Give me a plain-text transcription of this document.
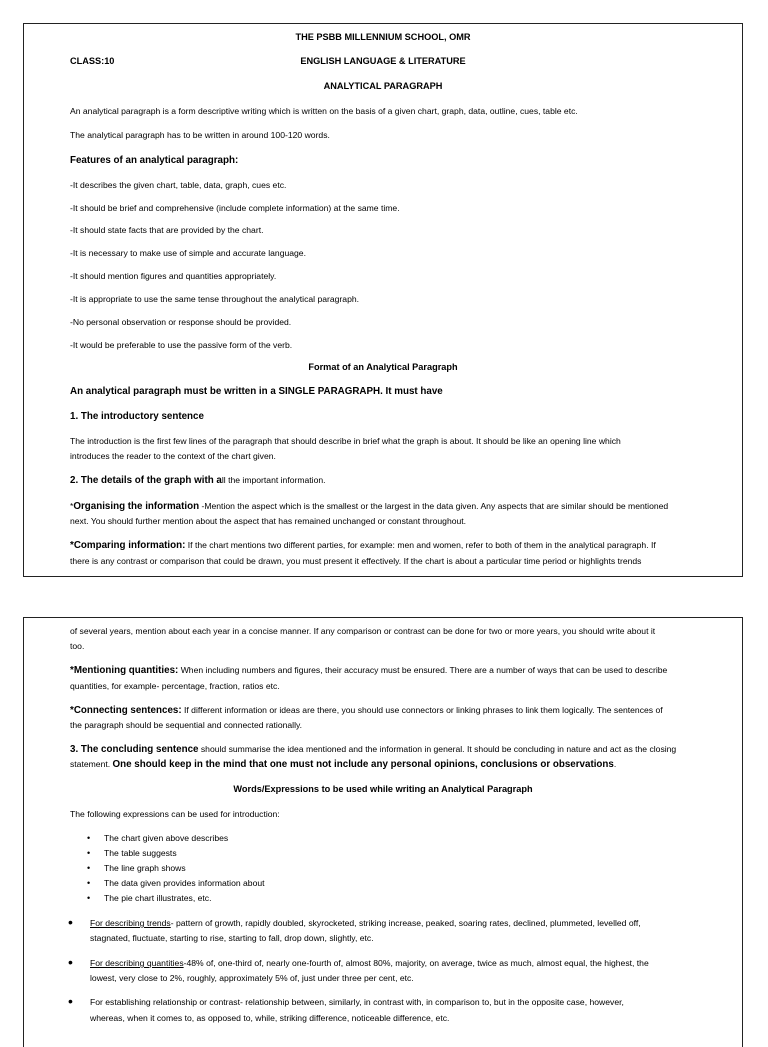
THE PSBB MILLENNIUM SCHOOL, OMR
CLASS:10	ENGLISH LANGUAGE & LITERATURE
ANALYTICAL PARAGRAPH
An analytical paragraph is a form descriptive writing which is written on the basis of a given chart, graph, data, outline, cues, table etc.
The analytical paragraph has to be written in around 100-120 words.
Features of an analytical paragraph:
-It describes the given chart, table, data, graph, cues etc.
-It should be brief and comprehensive (include complete information) at the same time.
-It should state facts that are provided by the chart.
-It is necessary to make use of simple and accurate language.
-It should mention figures and quantities appropriately.
-It is appropriate to use the same tense throughout the analytical paragraph.
-No personal observation or response should be provided.
-It would be preferable to use the passive form of the verb.
Format of an Analytical Paragraph
An analytical paragraph must be written in a SINGLE PARAGRAPH. It must have
1. The introductory sentence
The introduction is the first few lines of the paragraph that should describe in brief what the graph is about. It should be like an opening line which
introduces the reader to the context of the chart given.
2. The details of the graph with all the important information.
*Organising the information -Mention the aspect which is the smallest or the largest in the data given. Any aspects that are similar should be mentioned
next. You should further mention about the aspect that has remained unchanged or constant throughout.
*Comparing information: If the chart mentions two different parties, for example: men and women, refer to both of them in the analytical paragraph. If
there is any contrast or comparison that could be drawn, you must present it effectively. If the chart is about a particular time period or highlights trends
of several years, mention about each year in a concise manner. If any comparison or contrast can be done for two or more years, you should write about it
too.
*Mentioning quantities: When including numbers and figures, their accuracy must be ensured. There are a number of ways that can be used to describe
quantities, for example- percentage, fraction, ratios etc.
*Connecting sentences: If different information or ideas are there, you should use connectors or linking phrases to link them logically. The sentences of
the paragraph should be sequential and connected rationally.
3. The concluding sentence should summarise the idea mentioned and the information in general. It should be concluding in nature and act as the closing
statement. One should keep in the mind that one must not include any personal opinions, conclusions or observations.
Words/Expressions to be used while writing an Analytical Paragraph
The following expressions can be used for introduction:
• The chart given above describes
• The table suggests
• The line graph shows
• The data given provides information about
• The pie chart illustrates, etc.
• For describing trends- pattern of growth, rapidly doubled, skyrocketed, striking increase, peaked, soaring rates, declined, plummeted, levelled off,
stagnated, fluctuate, starting to rise, starting to fall, drop down, slightly, etc.
• For describing quantities-48% of, one-third of, nearly one-fourth of, almost 80%, majority, on average, twice as much, almost equal, the highest, the
lowest, very close to 2%, roughly, approximately 5% of, just under three per cent, etc.
• For establishing relationship or contrast- relationship between, similarly, in contrast with, in comparison to, but in the opposite case, however,
whereas, when it comes to, as opposed to, while, striking difference, noticeable difference, etc.
